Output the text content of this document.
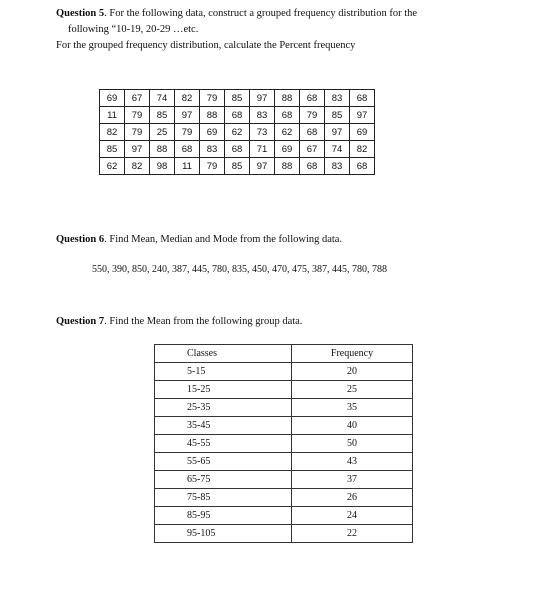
Question 5. For the following data, construct a grouped frequency distribution for the
following “10-19, 20-29 …etc.
For the grouped frequency distribution, calculate the Percent frequency
69	67	74	82	79	85	97	88	68	83	68
11	79	85	97	88	68	83	68	79	85	97
82	79	25	79	69	62	73	62	68	97	69
85	97	88	68	83	68	71	69	67	74	82
62	82	98	11	79	85	97	88	68	83	68
Question 6. Find Mean, Median and Mode from the following data.
550, 390, 850, 240, 387, 445, 780, 835, 450, 470, 475, 387, 445, 780, 788
Question 7. Find the Mean from the following group data.
Classes	Frequency
5-15	20
15-25	25
25-35	35
35-45	40
45-55	50
55-65	43
65-75	37
75-85	26
85-95	24
95-105	22
